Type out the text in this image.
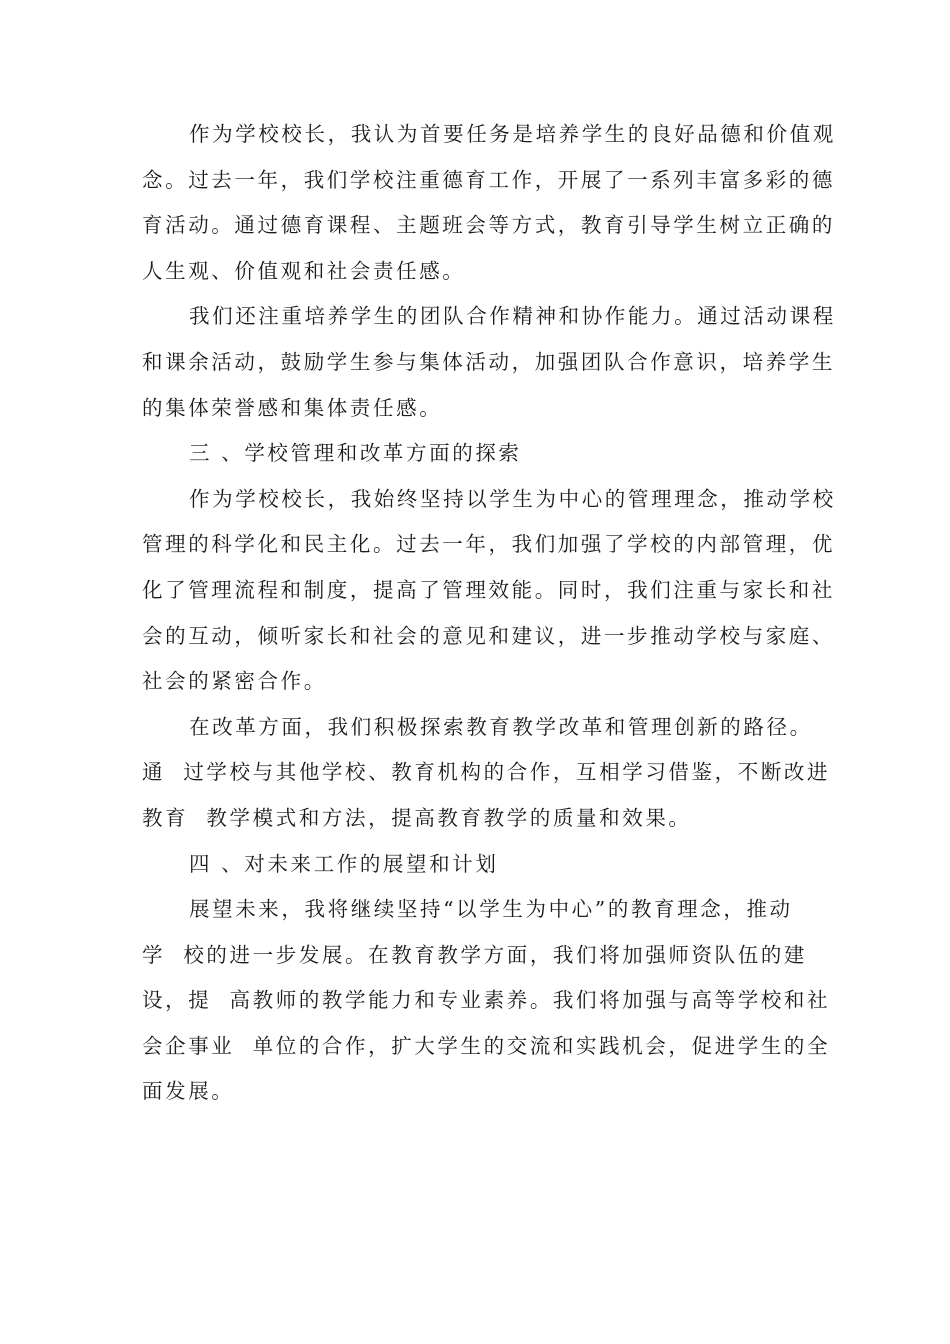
作为学校校长，我认为首要任务是培养学生的良好品德和价值观
念。过去一年，我们学校注重德育工作，开展了一系列丰富多彩的德
育活动。通过德育课程、主题班会等方式，教育引导学生树立正确的
人生观、价值观和社会责任感。
我们还注重培养学生的团队合作精神和协作能力。通过活动课程
和课余活动，鼓励学生参与集体活动，加强团队合作意识，培养学生
的集体荣誉感和集体责任感。
三 、学校管理和改革方面的探索
作为学校校长，我始终坚持以学生为中心的管理理念，推动学校
管理的科学化和民主化。过去一年，我们加强了学校的内部管理，优
化了管理流程和制度，提高了管理效能。同时，我们注重与家长和社
会的互动，倾听家长和社会的意见和建议，进一步推动学校与家庭、
社会的紧密合作。
在改革方面，我们积极探索教育教学改革和管理创新的路径。
通  过学校与其他学校、教育机构的合作，互相学习借鉴，不断改进
教育  教学模式和方法，提高教育教学的质量和效果。
四 、对未来工作的展望和计划
展望未来，我将继续坚持“以学生为中心”的教育理念，推动
学  校的进一步发展。在教育教学方面，我们将加强师资队伍的建
设，提  高教师的教学能力和专业素养。我们将加强与高等学校和社
会企事业  单位的合作，扩大学生的交流和实践机会，促进学生的全
面发展。
